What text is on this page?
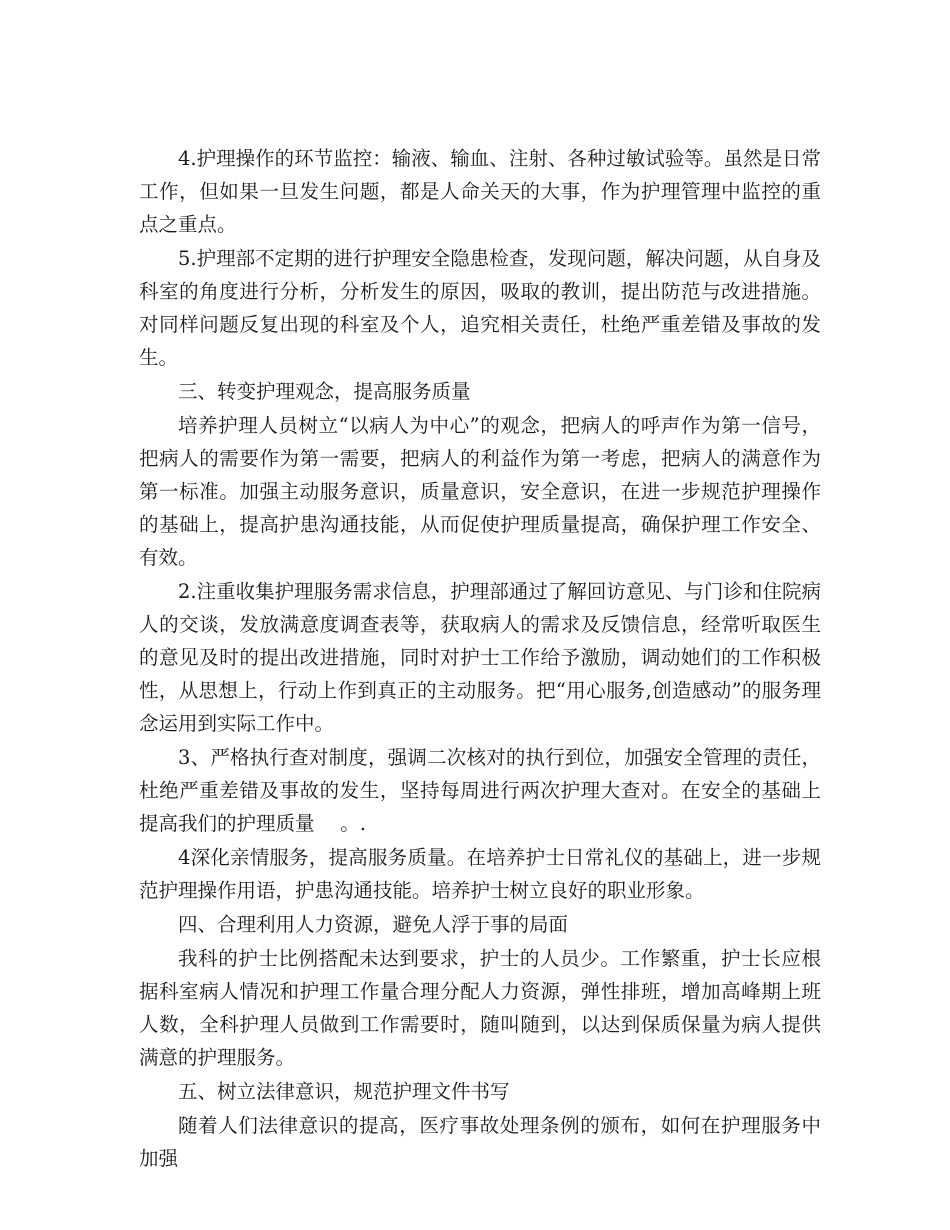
4.护理操作的环节监控：输液、输血、注射、各种过敏试验等。虽然是日常工作，但如果一旦发生问题，都是人命关天的大事，作为护理管理中监控的重点之重点。

5.护理部不定期的进行护理安全隐患检查，发现问题，解决问题，从自身及科室的角度进行分析，分析发生的原因，吸取的教训，提出防范与改进措施。对同样问题反复出现的科室及个人，追究相关责任，杜绝严重差错及事故的发生。

三、转变护理观念，提高服务质量

培养护理人员树立“以病人为中心”的观念，把病人的呼声作为第一信号，把病人的需要作为第一需要，把病人的利益作为第一考虑，把病人的满意作为第一标准。加强主动服务意识，质量意识，安全意识，在进一步规范护理操作的基础上，提高护患沟通技能，从而促使护理质量提高，确保护理工作安全、有效。

2.注重收集护理服务需求信息，护理部通过了解回访意见、与门诊和住院病人的交谈，发放满意度调查表等，获取病人的需求及反馈信息，经常听取医生 的意见及时的提出改进措施，同时对护士工作给予激励，调动她们的工作积极性，从思想上，行动上作到真正的主动服务。把“用心服务,创造感动”的服务理念运用到实际工作中。

3、严格执行查对制度，强调二次核对的执行到位，加强安全管理的责任，杜绝严重差错及事故的发生，坚持每周进行两次护理大查对。在安全的基础上提高我们的护理质量　 。.

4深化亲情服务，提高服务质量。在培养护士日常礼仪的基础上，进一步规范护理操作用语，护患沟通技能。培养护士树立良好的职业形象。

四、合理利用人力资源，避免人浮于事的局面

我科的护士比例搭配未达到要求，护士的人员少。工作繁重，护士长应根据科室病人情况和护理工作量合理分配人力资源，弹性排班，增加高峰期上班人数，全科护理人员做到工作需要时，随叫随到，以达到保质保量为病人提供满意的护理服务。

五、树立法律意识，规范护理文件书写

随着人们法律意识的提高，医疗事故处理条例的颁布，如何在护理服务中加强
